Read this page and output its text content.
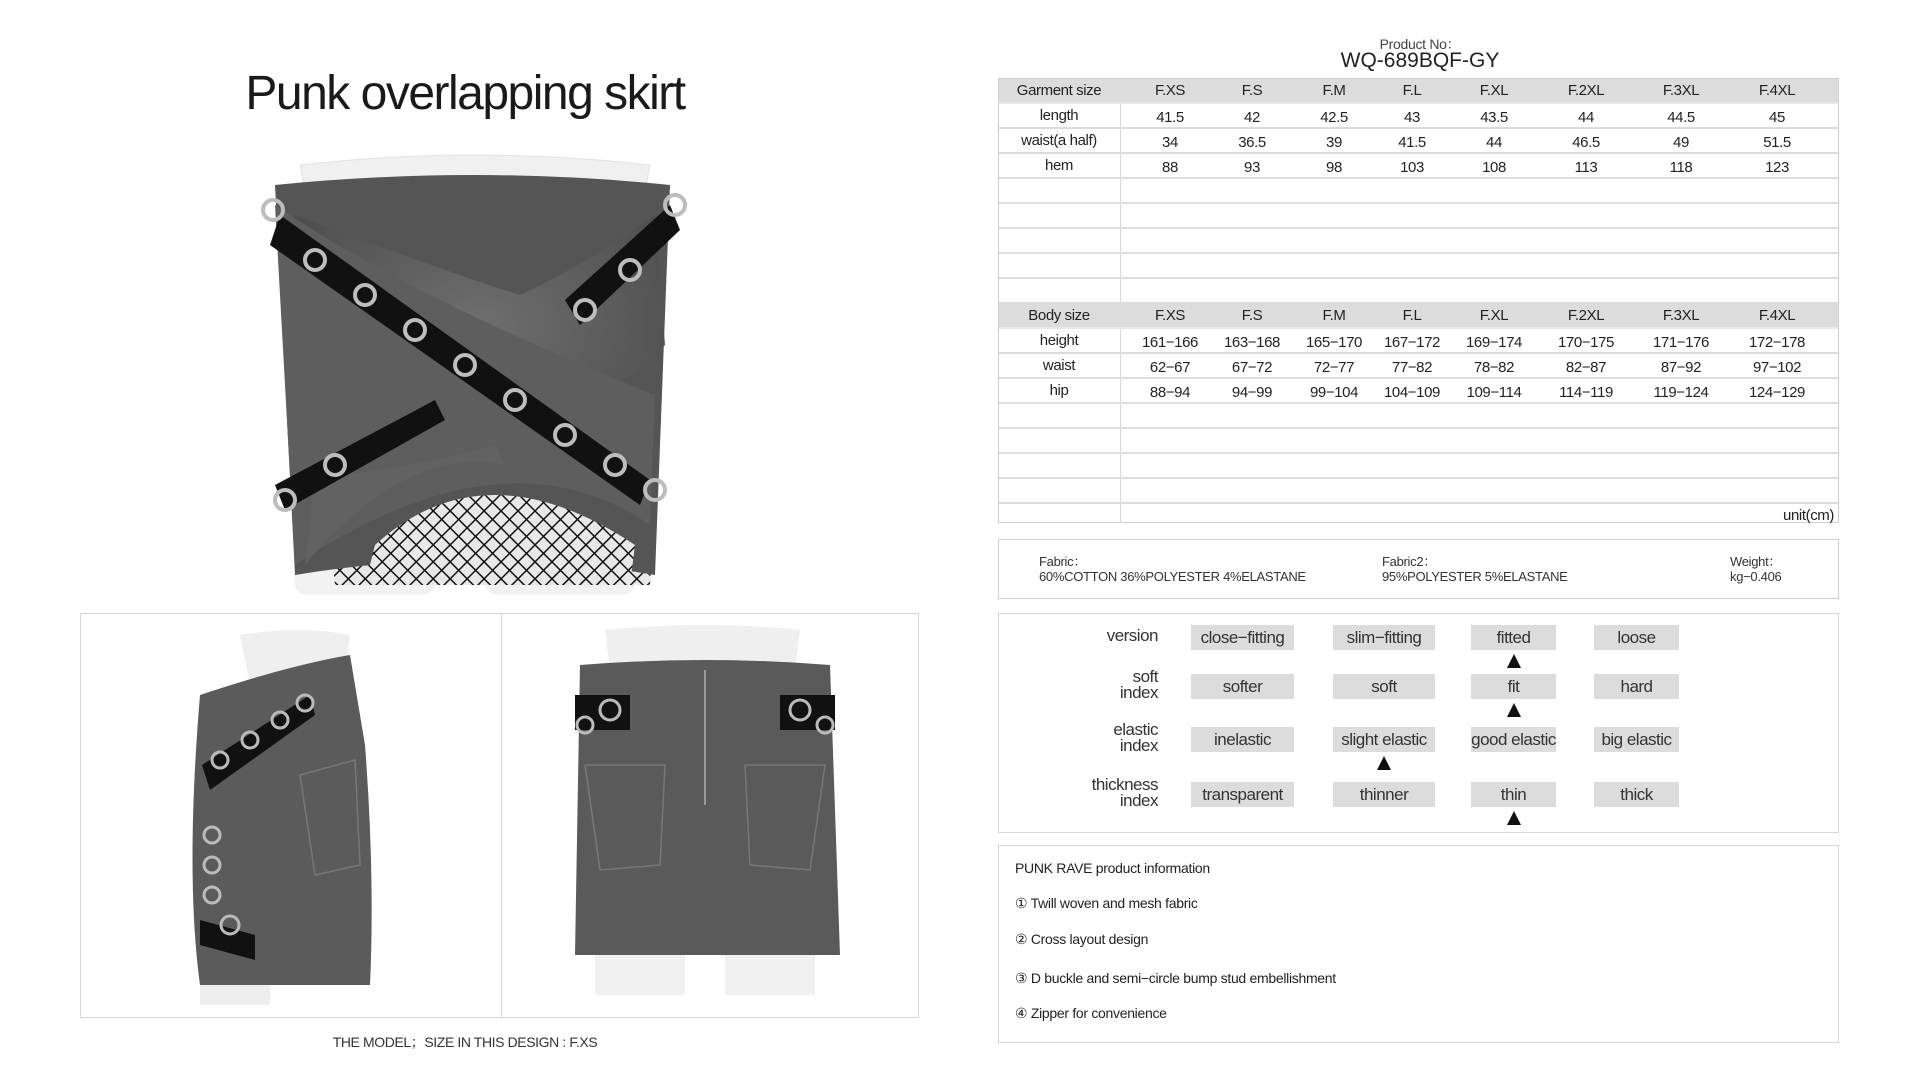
Punk overlapping skirt
THE MODEL；SIZE IN THIS DESIGN : F.XS
Product No：
WQ-689BQF-GY
Garment size	F.XS	F.S	F.M	F.L	F.XL	F.2XL	F.3XL	F.4XL
length	41.5	42	42.5	43	43.5	44	44.5	45
waist(a half)	34	36.5	39	41.5	44	46.5	49	51.5
hem	88	93	98	103	108	113	118	123
Body size	F.XS	F.S	F.M	F.L	F.XL	F.2XL	F.3XL	F.4XL
height	161−166	163−168	165−170	167−172	169−174	170−175	171−176	172−178
waist	62−67	67−72	72−77	77−82	78−82	82−87	87−92	97−102
hip	88−94	94−99	99−104	104−109	109−114	114−119	119−124	124−129
unit(cm)
Fabric：
60%COTTON 36%POLYESTER 4%ELASTANE
Fabric2：
95%POLYESTER 5%ELASTANE
Weight：
kg−0.406
version	close−fitting	slim−fitting	fitted	loose
soft
index	softer	soft	fit	hard
elastic
index	inelastic	slight elastic	good elastic	big elastic
thickness
index	transparent	thinner	thin	thick
PUNK RAVE product information
① Twill woven and mesh fabric
② Cross layout design
③ D buckle and semi−circle bump stud embellishment
④ Zipper for convenience
